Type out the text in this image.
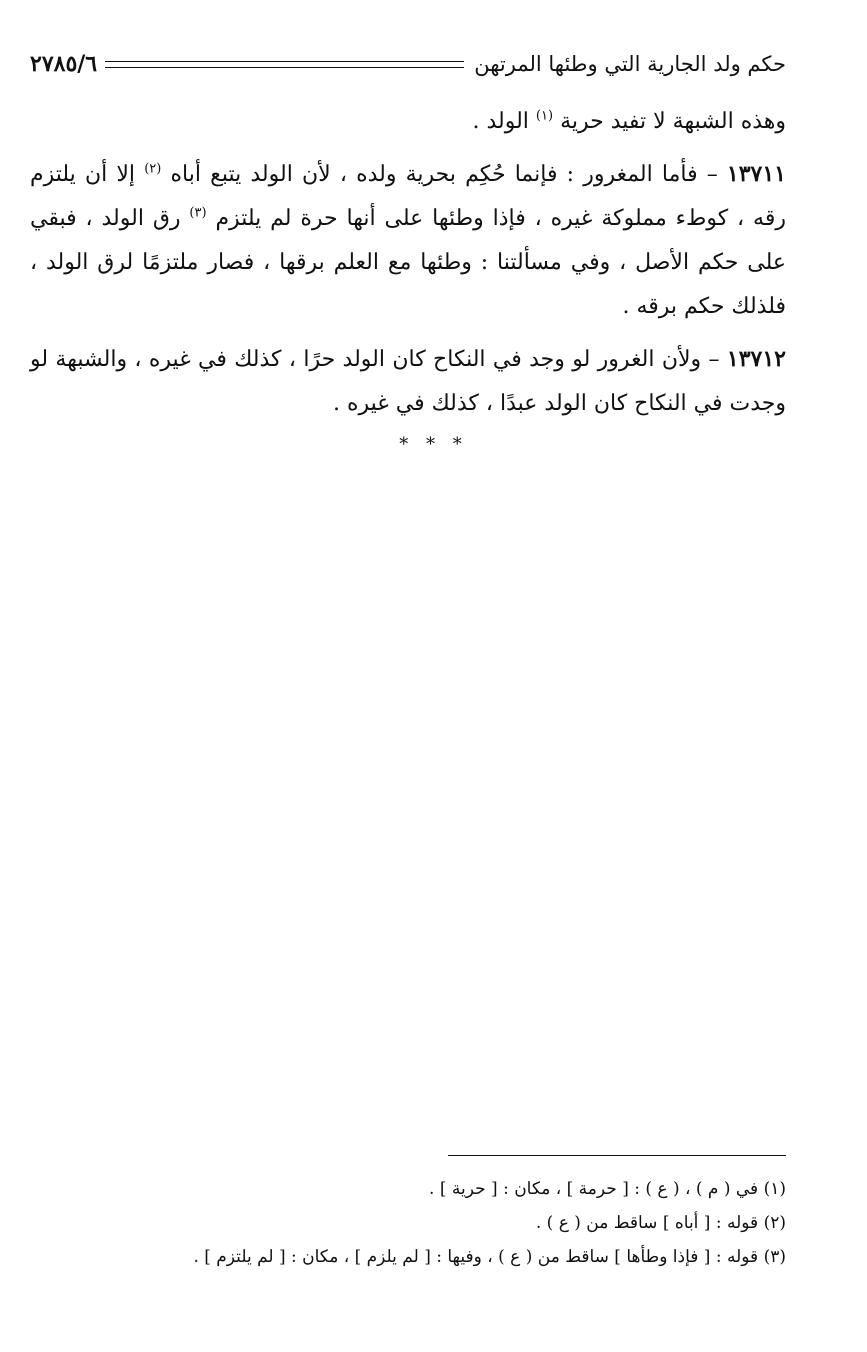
حكم ولد الجارية التي وطئها المرتهن
٢٧٨٥/٦

وهذه الشبهة لا تفيد حرية $^{(١)}$ الولد .

١٣٧١١ – فأما المغرور : فإنما حُكِم بحرية ولده ، لأن الولد يتبع أباه $^{(٢)}$ إلا أن يلتزم رقه ، كوطء مملوكة غيره ، فإذا وطئها على أنها حرة لم يلتزم $^{(٣)}$ رق الولد ، فبقي على حكم الأصل ، وفي مسألتنا : وطئها مع العلم برقها ، فصار ملتزمًا لرق الولد ، فلذلك حكم برقه .

١٣٧١٢ – ولأن الغرور لو وجد في النكاح كان الولد حرًا ، كذلك في غيره ، والشبهة لو وجدت في النكاح كان الولد عبدًا ، كذلك في غيره .

* * *
(١) في ( م ) ، ( ع ) : [ حرمة ] ، مكان : [ حرية ] .
(٢) قوله : [ أباه ] ساقط من ( ع ) .
(٣) قوله : [ فإذا وطأها ] ساقط من ( ع ) ، وفيها : [ لم يلزم ] ، مكان : [ لم يلتزم ] .
